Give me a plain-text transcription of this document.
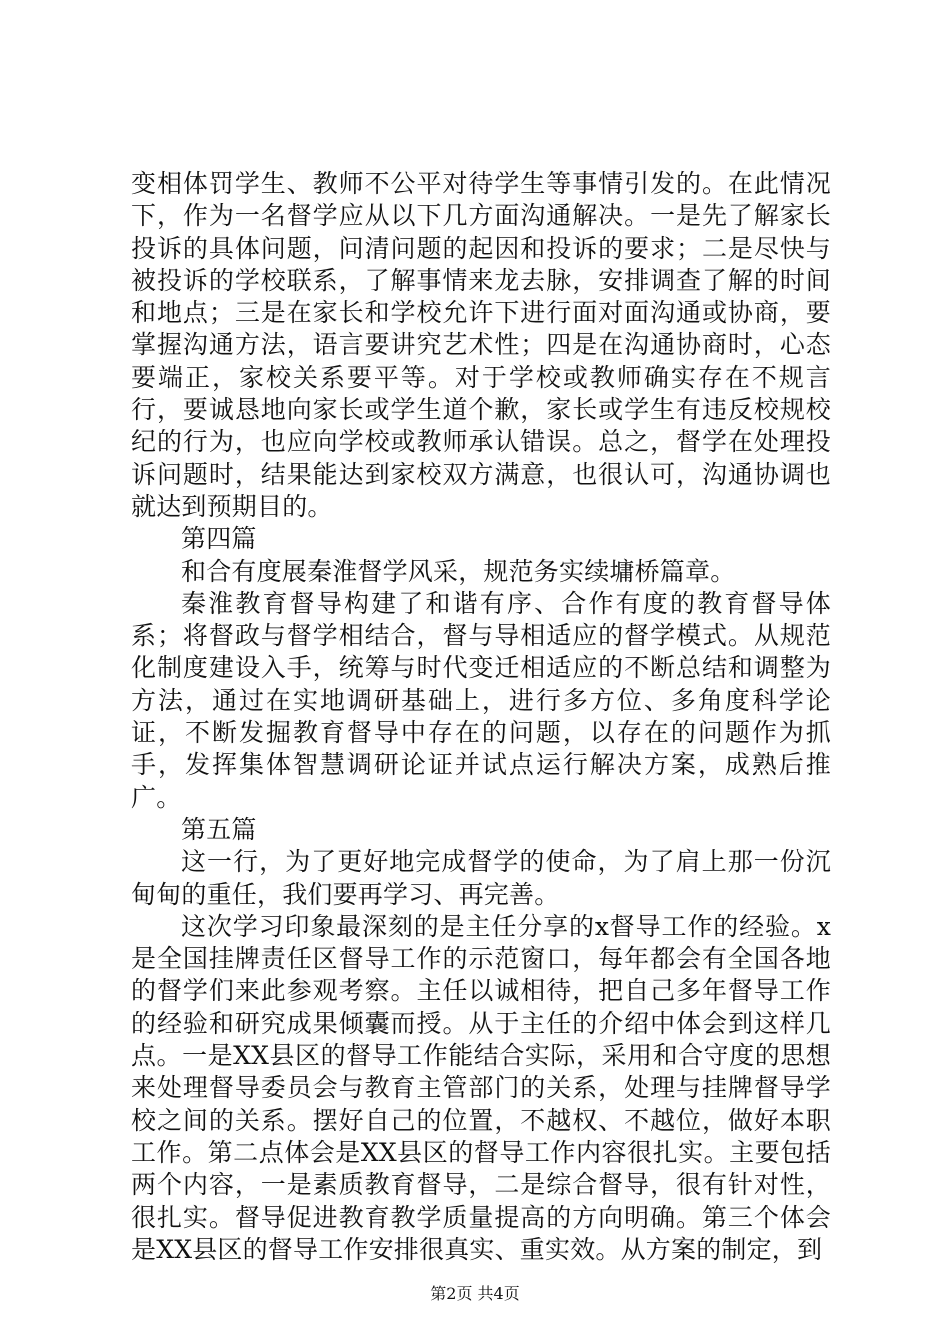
变相体罚学生、教师不公平对待学生等事情引发的。在此情况下，作为一名督学应从以下几方面沟通解决。一是先了解家长投诉的具体问题，问清问题的起因和投诉的要求；二是尽快与被投诉的学校联系，了解事情来龙去脉，安排调查了解的时间和地点；三是在家长和学校允许下进行面对面沟通或协商，要掌握沟通方法，语言要讲究艺术性；四是在沟通协商时，心态要端正，家校关系要平等。对于学校或教师确实存在不规言行，要诚恳地向家长或学生道个歉，家长或学生有违反校规校纪的行为，也应向学校或教师承认错误。总之，督学在处理投诉问题时，结果能达到家校双方满意，也很认可，沟通协调也就达到预期目的。

第四篇

和合有度展秦淮督学风采，规范务实续墉桥篇章。

秦淮教育督导构建了和谐有序、合作有度的教育督导体系；将督政与督学相结合，督与导相适应的督学模式。从规范化制度建设入手，统筹与时代变迁相适应的不断总结和调整为方法，通过在实地调研基础上，进行多方位、多角度科学论证，不断发掘教育督导中存在的问题，以存在的问题作为抓手，发挥集体智慧调研论证并试点运行解决方案，成熟后推广。

第五篇

这一行，为了更好地完成督学的使命，为了肩上那一份沉甸甸的重任，我们要再学习、再完善。

这次学习印象最深刻的是主任分享的x督导工作的经验。x是全国挂牌责任区督导工作的示范窗口，每年都会有全国各地的督学们来此参观考察。主任以诚相待，把自己多年督导工作的经验和研究成果倾囊而授。从于主任的介绍中体会到这样几点。一是XX县区的督导工作能结合实际，采用和合守度的思想来处理督导委员会与教育主管部门的关系，处理与挂牌督导学校之间的关系。摆好自己的位置，不越权、不越位，做好本职工作。第二点体会是XX县区的督导工作内容很扎实。主要包括两个内容，一是素质教育督导，二是综合督导，很有针对性，很扎实。督导促进教育教学质量提高的方向明确。第三个体会是XX县区的督导工作安排很真实、重实效。从方案的制定，到

第2页 共4页
